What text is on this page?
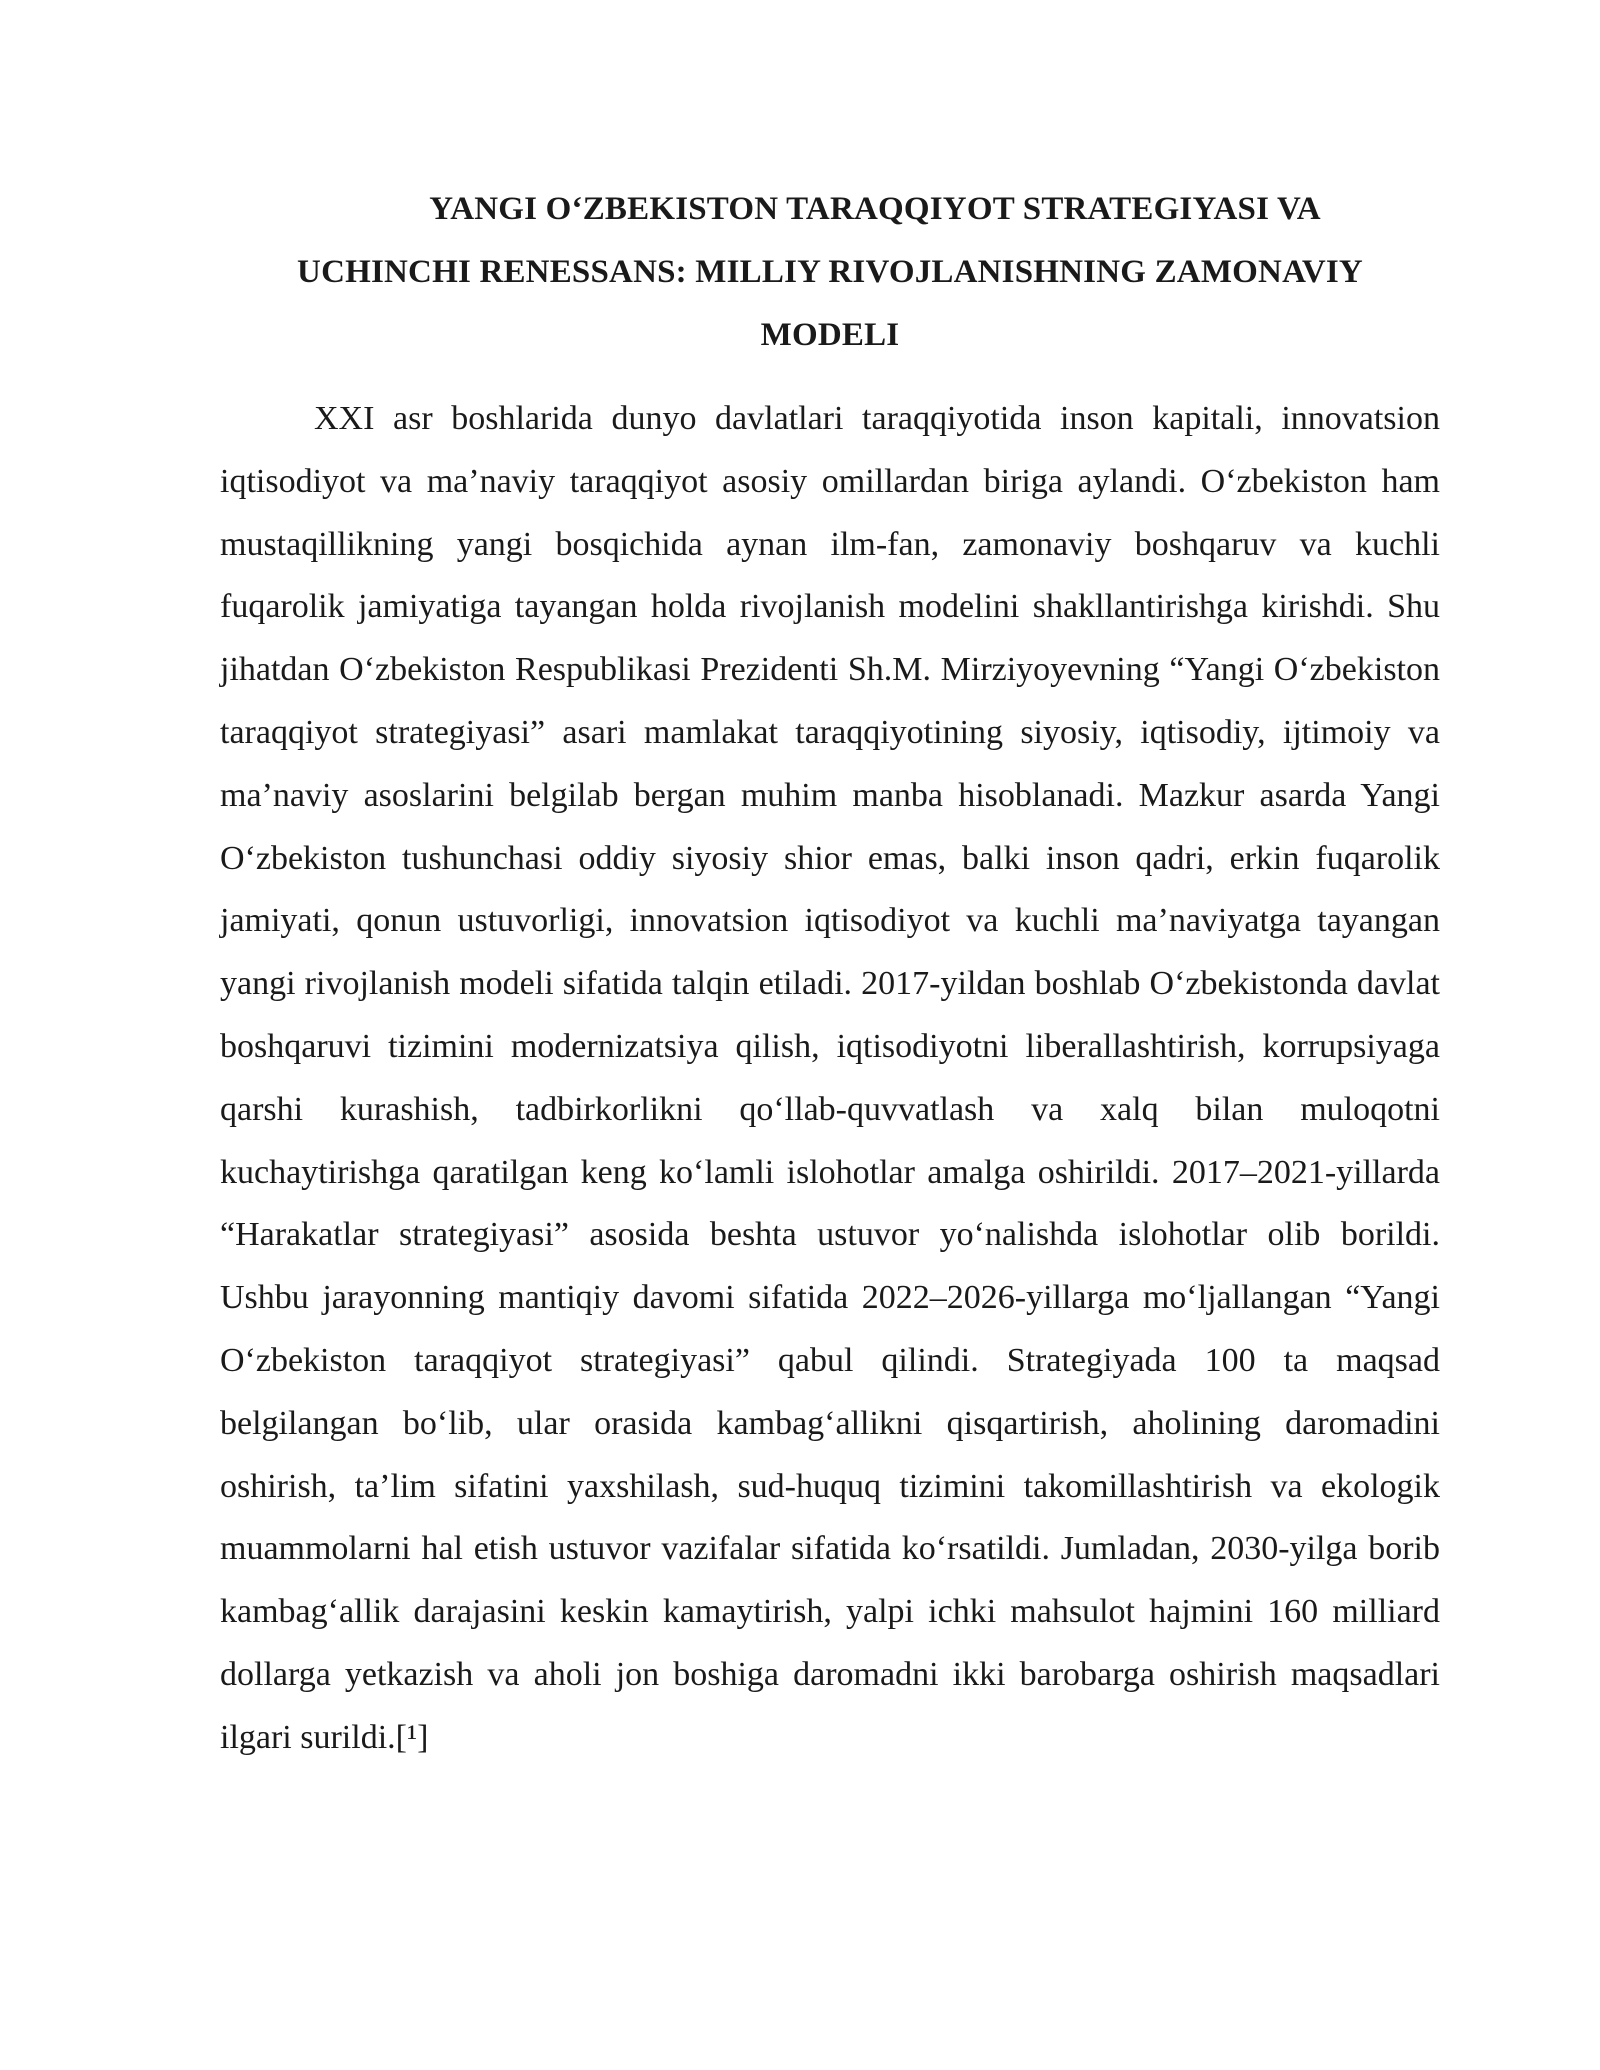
YANGI O‘ZBEKISTON TARAQQIYOT STRATEGIYASI VA
UCHINCHI RENESSANS: MILLIY RIVOJLANISHNING ZAMONAVIY
MODELI

XXI asr boshlarida dunyo davlatlari taraqqiyotida inson kapitali, innovatsion iqtisodiyot va ma’naviy taraqqiyot asosiy omillardan biriga aylandi. O‘zbekiston ham mustaqillikning yangi bosqichida aynan ilm-fan, zamonaviy boshqaruv va kuchli fuqarolik jamiyatiga tayangan holda rivojlanish modelini shakllantirishga kirishdi. Shu jihatdan O‘zbekiston Respublikasi Prezidenti Sh.M. Mirziyoyevning “Yangi O‘zbekiston taraqqiyot strategiyasi” asari mamlakat taraqqiyotining siyosiy, iqtisodiy, ijtimoiy va ma’naviy asoslarini belgilab bergan muhim manba hisoblanadi. Mazkur asarda Yangi O‘zbekiston tushunchasi oddiy siyosiy shior emas, balki inson qadri, erkin fuqarolik jamiyati, qonun ustuvorligi, innovatsion iqtisodiyot va kuchli ma’naviyatga tayangan yangi rivojlanish modeli sifatida talqin etiladi. 2017-yildan boshlab O‘zbekistonda davlat boshqaruvi tizimini modernizatsiya qilish, iqtisodiyotni liberallashtirish, korrupsiyaga qarshi kurashish, tadbirkorlikni qo‘llab-quvvatlash va xalq bilan muloqotni kuchaytirishga qaratilgan keng ko‘lamli islohotlar amalga oshirildi. 2017–2021-yillarda “Harakatlar strategiyasi” asosida beshta ustuvor yo‘nalishda islohotlar olib borildi. Ushbu jarayonning mantiqiy davomi sifatida 2022–2026-yillarga mo‘ljallangan “Yangi O‘zbekiston taraqqiyot strategiyasi” qabul qilindi. Strategiyada 100 ta maqsad belgilangan bo‘lib, ular orasida kambag‘allikni qisqartirish, aholining daromadini oshirish, ta’lim sifatini yaxshilash, sud-huquq tizimini takomillashtirish va ekologik muammolarni hal etish ustuvor vazifalar sifatida ko‘rsatildi. Jumladan, 2030-yilga borib kambag‘allik darajasini keskin kamaytirish, yalpi ichki mahsulot hajmini 160 milliard dollarga yetkazish va aholi jon boshiga daromadni ikki barobarga oshirish maqsadlari ilgari surildi.[¹]
